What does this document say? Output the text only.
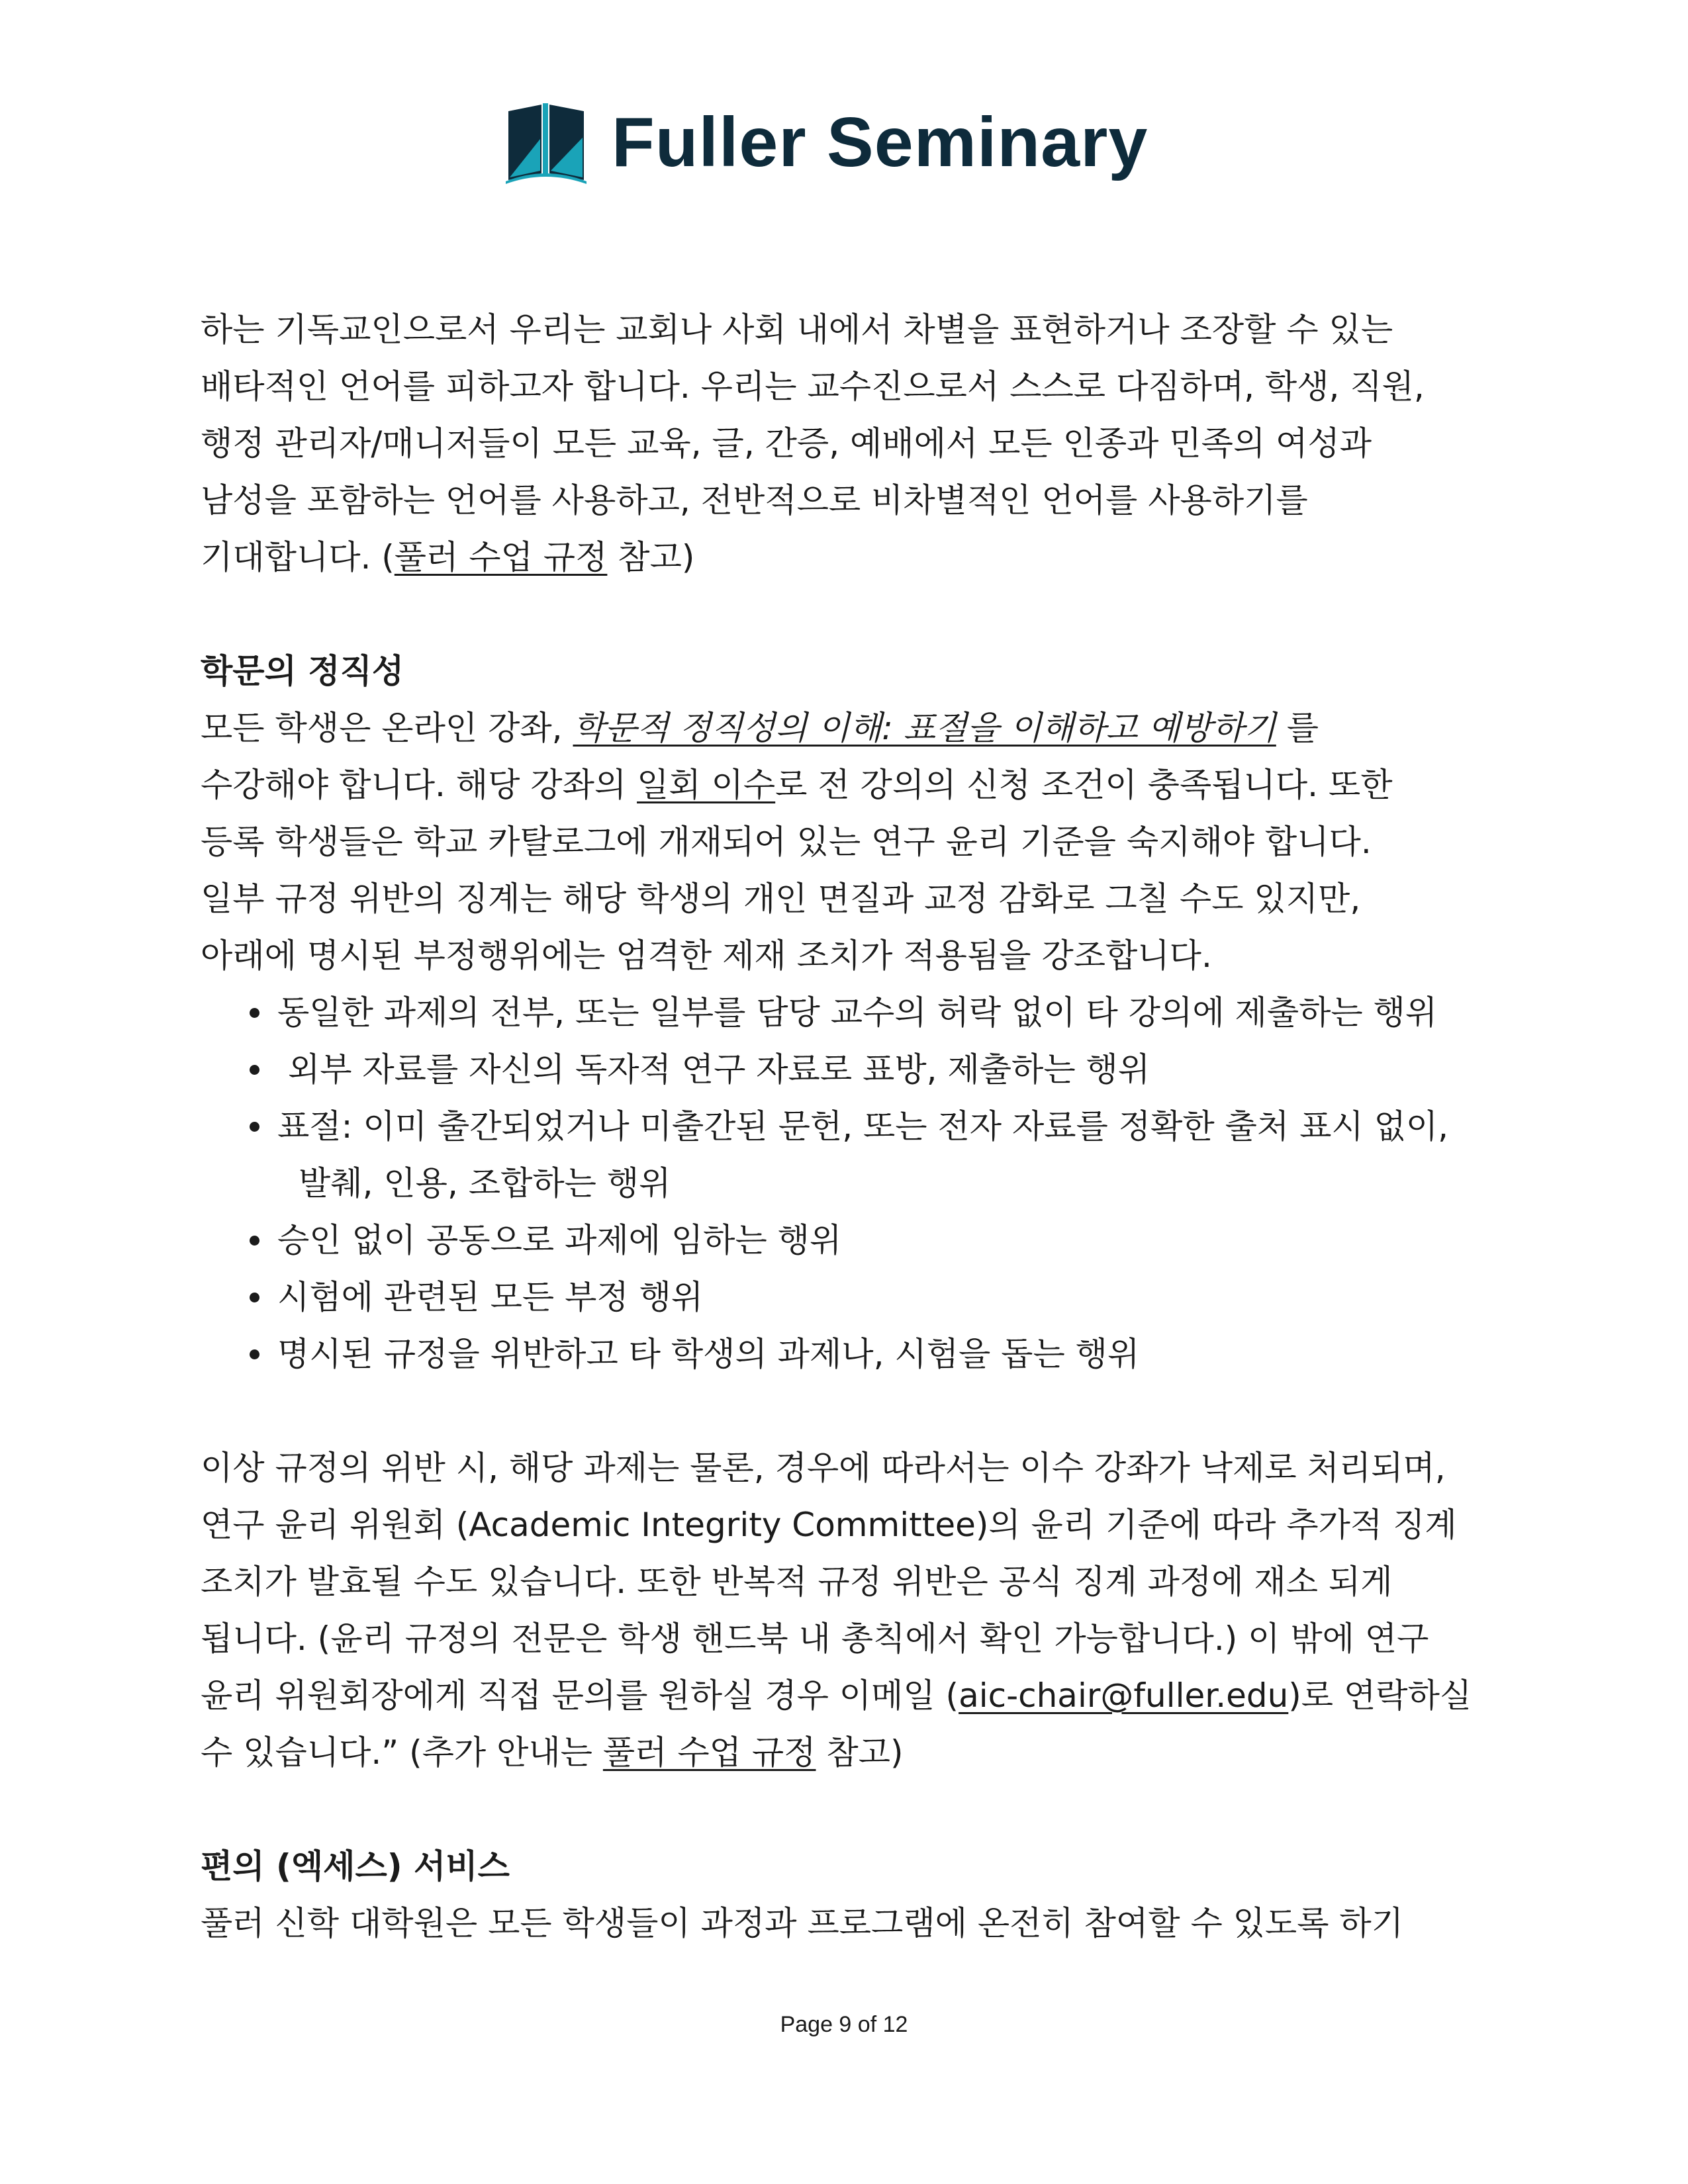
Fuller Seminary
하는 기독교인으로서 우리는 교회나 사회 내에서 차별을 표현하거나 조장할 수 있는
배타적인 언어를 피하고자 합니다. 우리는 교수진으로서 스스로 다짐하며, 학생, 직원,
행정 관리자/매니저들이 모든 교육, 글, 간증, 예배에서 모든 인종과 민족의 여성과
남성을 포함하는 언어를 사용하고, 전반적으로 비차별적인 언어를 사용하기를
기대합니다. (풀러 수업 규정 참고)
학문의 정직성
모든 학생은 온라인 강좌, 학문적 정직성의 이해: 표절을 이해하고 예방하기 를
수강해야 합니다. 해당 강좌의 일회 이수로 전 강의의 신청 조건이 충족됩니다. 또한
등록 학생들은 학교 카탈로그에 개재되어 있는 연구 윤리 기준을 숙지해야 합니다.
일부 규정 위반의 징계는 해당 학생의 개인 면질과 교정 감화로 그칠 수도 있지만,
아래에 명시된 부정행위에는 엄격한 제재 조치가 적용됨을 강조합니다.
동일한 과제의 전부, 또는 일부를 담당 교수의 허락 없이 타 강의에 제출하는 행위
외부 자료를 자신의 독자적 연구 자료로 표방, 제출하는 행위
표절: 이미 출간되었거나 미출간된 문헌, 또는 전자 자료를 정확한 출처 표시 없이,
발췌, 인용, 조합하는 행위
승인 없이 공동으로 과제에 임하는 행위
시험에 관련된 모든 부정 행위
명시된 규정을 위반하고 타 학생의 과제나, 시험을 돕는 행위
이상 규정의 위반 시, 해당 과제는 물론, 경우에 따라서는 이수 강좌가 낙제로 처리되며,
연구 윤리 위원회 (Academic Integrity Committee)의 윤리 기준에 따라 추가적 징계
조치가 발효될 수도 있습니다. 또한 반복적 규정 위반은 공식 징계 과정에 재소 되게
됩니다. (윤리 규정의 전문은 학생 핸드북 내 총칙에서 확인 가능합니다.) 이 밖에 연구
윤리 위원회장에게 직접 문의를 원하실 경우 이메일 (aic-chair@fuller.edu)로 연락하실
수 있습니다.” (추가 안내는 풀러 수업 규정 참고)
편의 (엑세스) 서비스
풀러 신학 대학원은 모든 학생들이 과정과 프로그램에 온전히 참여할 수 있도록 하기
Page 9 of 12
